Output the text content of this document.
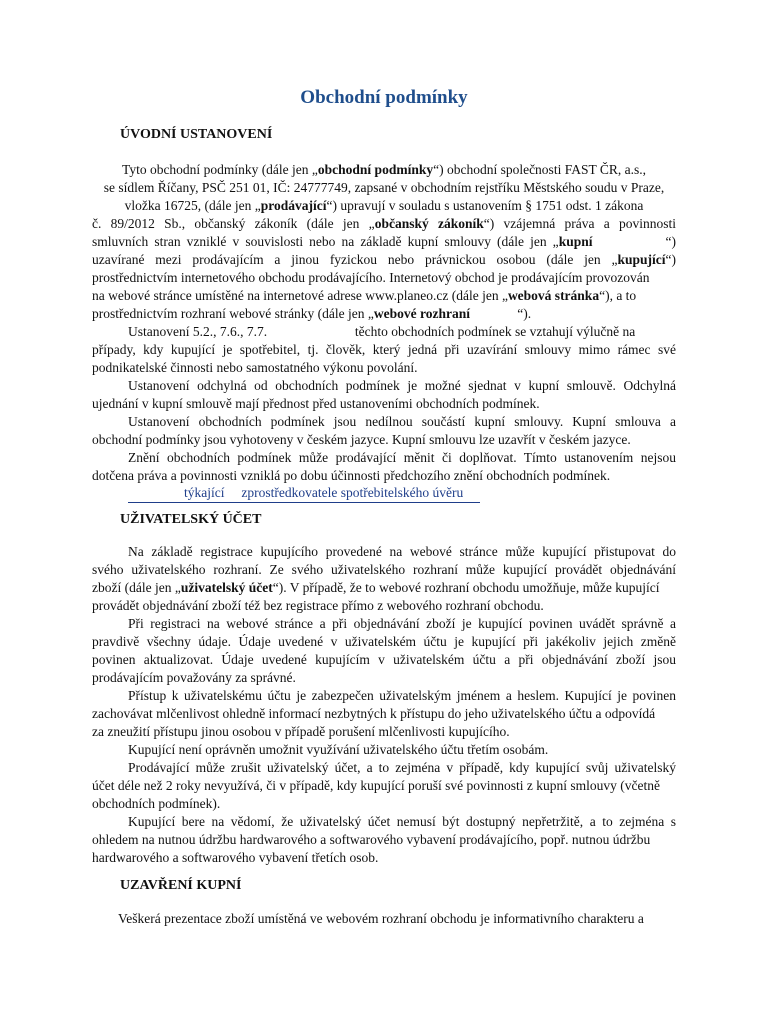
Obchodní podmínky
ÚVODNÍ USTANOVENÍ
Tyto obchodní podmínky (dále jen „obchodní podmínky“) obchodní společnosti FAST ČR, a.s.,
se sídlem Říčany, PSČ 251 01, IČ: 24777749, zapsané v obchodním rejstříku Městského soudu v Praze,
vložka 16725, (dále jen „prodávající“) upravují v souladu s ustanovením § 1751 odst. 1 zákona
č. 89/2012 Sb., občanský zákoník (dále jen „občanský zákoník“) vzájemná práva a povinnosti
smluvních stran vzniklé v souvislosti nebo na základě kupní smlouvy (dále jen „kupní            “)
uzavírané mezi prodávajícím a jinou fyzickou nebo právnickou osobou (dále jen „kupující“)
prostřednictvím internetového obchodu prodávajícího. Internetový obchod je prodávajícím provozován
na webové stránce umístěné na internetové adrese www.planeo.cz (dále jen „webová stránka“), a to
prostřednictvím rozhraní webové stránky (dále jen „webové rozhraní              “).
Ustanovení 5.2., 7.6., 7.7.                          těchto obchodních podmínek se vztahují výlučně na
případy, kdy kupující je spotřebitel, tj. člověk, který jedná při uzavírání smlouvy mimo rámec své
podnikatelské činnosti nebo samostatného výkonu povolání.
Ustanovení odchylná od obchodních podmínek je možné sjednat v kupní smlouvě. Odchylná
ujednání v kupní smlouvě mají přednost před ustanoveními obchodních podmínek.
Ustanovení obchodních podmínek jsou nedílnou součástí kupní smlouvy. Kupní smlouva a
obchodní podmínky jsou vyhotoveny v českém jazyce. Kupní smlouvu lze uzavřít v českém jazyce.
Znění obchodních podmínek může prodávající měnit či doplňovat. Tímto ustanovením nejsou
dotčena práva a povinnosti vzniklá po dobu účinnosti předchozího znění obchodních podmínek.
týkající     zprostředkovatele spotřebitelského úvěru
UŽIVATELSKÝ ÚČET
Na základě registrace kupujícího provedené na webové stránce může kupující přistupovat do
svého uživatelského rozhraní. Ze svého uživatelského rozhraní může kupující provádět objednávání
zboží (dále jen „uživatelský účet“). V případě, že to webové rozhraní obchodu umožňuje, může kupující
provádět objednávání zboží též bez registrace přímo z webového rozhraní obchodu.
Při registraci na webové stránce a při objednávání zboží je kupující povinen uvádět správně a
pravdivě všechny údaje. Údaje uvedené v uživatelském účtu je kupující při jakékoliv jejich změně
povinen aktualizovat. Údaje uvedené kupujícím v uživatelském účtu a při objednávání zboží jsou
prodávajícím považovány za správné.
Přístup k uživatelskému účtu je zabezpečen uživatelským jménem a heslem. Kupující je povinen
zachovávat mlčenlivost ohledně informací nezbytných k přístupu do jeho uživatelského účtu a odpovídá
za zneužití přístupu jinou osobou v případě porušení mlčenlivosti kupujícího.
Kupující není oprávněn umožnit využívání uživatelského účtu třetím osobám.
Prodávající může zrušit uživatelský účet, a to zejména v případě, kdy kupující svůj uživatelský
účet déle než 2 roky nevyužívá, či v případě, kdy kupující poruší své povinnosti z kupní smlouvy (včetně
obchodních podmínek).
Kupující bere na vědomí, že uživatelský účet nemusí být dostupný nepřetržitě, a to zejména s
ohledem na nutnou údržbu hardwarového a softwarového vybavení prodávajícího, popř. nutnou údržbu
hardwarového a softwarového vybavení třetích osob.
UZAVŘENÍ KUPNÍ
Veškerá prezentace zboží umístěná ve webovém rozhraní obchodu je informativního charakteru a
